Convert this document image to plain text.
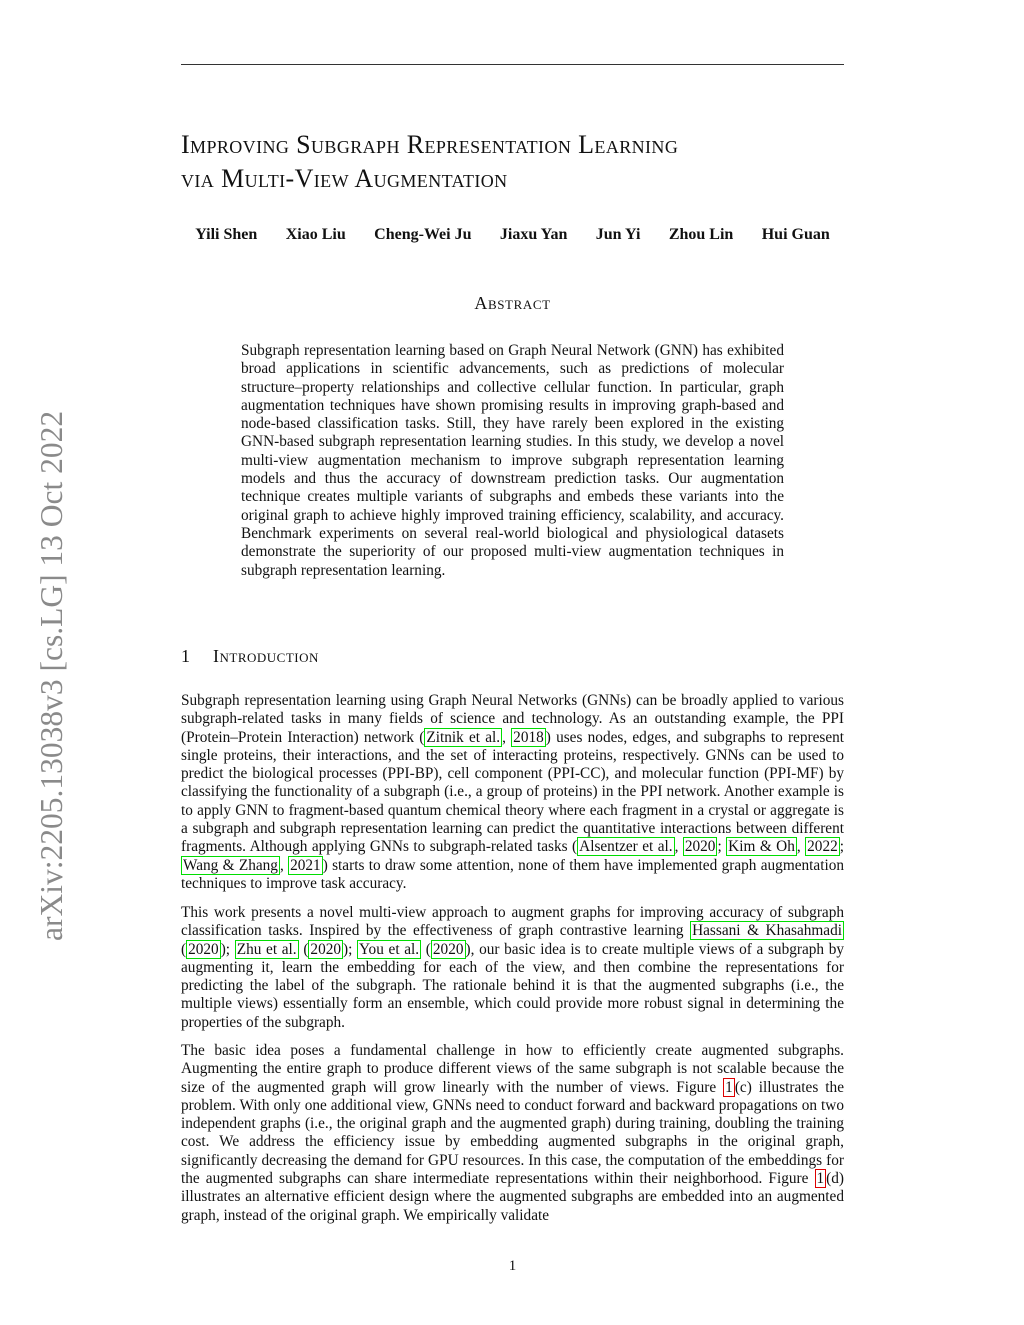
Improving Subgraph Representation Learning
via Multi-View Augmentation
Yili Shen Xiao Liu Cheng-Wei Ju Jiaxu Yan Jun Yi Zhou Lin Hui Guan
Abstract

Subgraph representation learning based on Graph Neural Network (GNN) has exhibited broad applications in scientific advancements, such as predictions of molecular structure–property relationships and collective cellular function. In particular, graph augmentation techniques have shown promising results in improving graph-based and node-based classification tasks. Still, they have rarely been explored in the existing GNN-based subgraph representation learning studies. In this study, we develop a novel multi-view augmentation mechanism to improve subgraph representation learning models and thus the accuracy of downstream prediction tasks. Our augmentation technique creates multiple variants of subgraphs and embeds these variants into the original graph to achieve highly improved training efficiency, scalability, and accuracy. Benchmark experiments on several real-world biological and physiological datasets demonstrate the superiority of our proposed multi-view augmentation techniques in subgraph representation learning.

arXiv:2205.13038v3 [cs.LG] 13 Oct 2022	1 Introduction

Subgraph representation learning using Graph Neural Networks (GNNs) can be broadly applied to various subgraph-related tasks in many fields of science and technology. As an outstanding example, the PPI (Protein–Protein Interaction) network ( Zitnik et al. , 2018 ) uses nodes, edges, and subgraphs to represent single proteins, their interactions, and the set of interacting proteins, respectively. GNNs can be used to predict the biological processes (PPI-BP), cell component (PPI-CC), and molecular function (PPI-MF) by classifying the functionality of a subgraph (i.e., a group of proteins) in the PPI network. Another example is to apply GNN to fragment-based quantum chemical theory where each fragment in a crystal or aggregate is a subgraph and subgraph representation learning can predict the quantitative interactions between different fragments. Although applying GNNs to subgraph-related tasks ( Alsentzer et al. , 2020 ; Kim & Oh , 2022 ; Wang & Zhang , 2021 ) starts to draw some attention, none of them have implemented graph augmentation techniques to improve task accuracy.

This work presents a novel multi-view approach to augment graphs for improving accuracy of subgraph classification tasks. Inspired by the effectiveness of graph contrastive learning Hassani & Khasahmadi ( 2020 ); Zhu et al. ( 2020 ); You et al. ( 2020 ), our basic idea is to create multiple views of a subgraph by augmenting it, learn the embedding for each of the view, and then combine the representations for predicting the label of the subgraph. The rationale behind it is that the augmented subgraphs (i.e., the multiple views) essentially form an ensemble, which could provide more robust signal in determining the properties of the subgraph.

The basic idea poses a fundamental challenge in how to efficiently create augmented subgraphs. Augmenting the entire graph to produce different views of the same subgraph is not scalable because the size of the augmented graph will grow linearly with the number of views. Figure 1 (c) illustrates the problem. With only one additional view, GNNs need to conduct forward and backward propagations on two independent graphs (i.e., the original graph and the augmented graph) during training, doubling the training cost. We address the efficiency issue by embedding augmented subgraphs in the original graph, significantly decreasing the demand for GPU resources. In this case, the computation of the embeddings for the augmented subgraphs can share intermediate representations within their neighborhood. Figure 1 (d) illustrates an alternative efficient design where the augmented subgraphs are embedded into an augmented graph, instead of the original graph. We empirically validate

1
